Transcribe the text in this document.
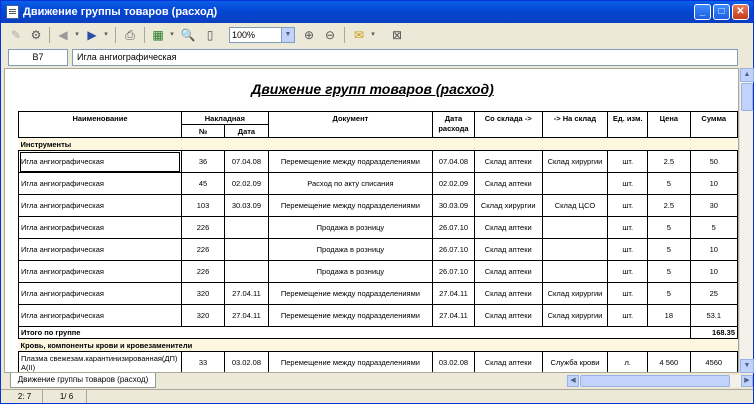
Движение группы товаров (расход)	_	□	✕
✎ ⚙	◀	▾ ▶	▾	⎙	▦ ▾ 🔍 ▯	100%	▼	⊕ ⊖	✉	▾	⊠
B7	Игла ангиографическая
Движение групп товаров (расход)
Наименование	Накладная		Документ	Дата расхода	Со склада ->	-> На склад	Ед. изм.	Цена	Сумма
	№	Дата							
Инструменты									
Игла ангиографическая	36	07.04.08	Перемещение между подразделениями	07.04.08	Склад аптеки	Склад хирургии	шт.	2.5	50
Игла ангиографическая	45	02.02.09	Расход по акту списания	02.02.09	Склад аптеки		шт.	5	10
Игла ангиографическая	103	30.03.09	Перемещение между подразделениями	30.03.09	Склад хирургии	Склад ЦСО	шт.	2.5	30
Игла ангиографическая	226		Продажа в розницу	26.07.10	Склад аптеки		шт.	5	5
Игла ангиографическая	226		Продажа в розницу	26.07.10	Склад аптеки		шт.	5	10
Игла ангиографическая	226		Продажа в розницу	26.07.10	Склад аптеки		шт.	5	10
Игла ангиографическая	320	27.04.11	Перемещение между подразделениями	27.04.11	Склад аптеки	Склад хирургии	шт.	5	25
Игла ангиографическая	320	27.04.11	Перемещение между подразделениями	27.04.11	Склад аптеки	Склад хирургии	шт.	18	53.1
Итого по группе									168.35
Кровь, компоненты крови и кровезаменители									
Плазма свежезам.карантинизированная(ДП) А(II)	33	03.02.08	Перемещение между подразделениями	03.02.08	Склад аптеки	Служба крови	л.	4 560	4560

▲
▼
Движение группы товаров (расход)	◀	▶
2: 7	1/ 6
